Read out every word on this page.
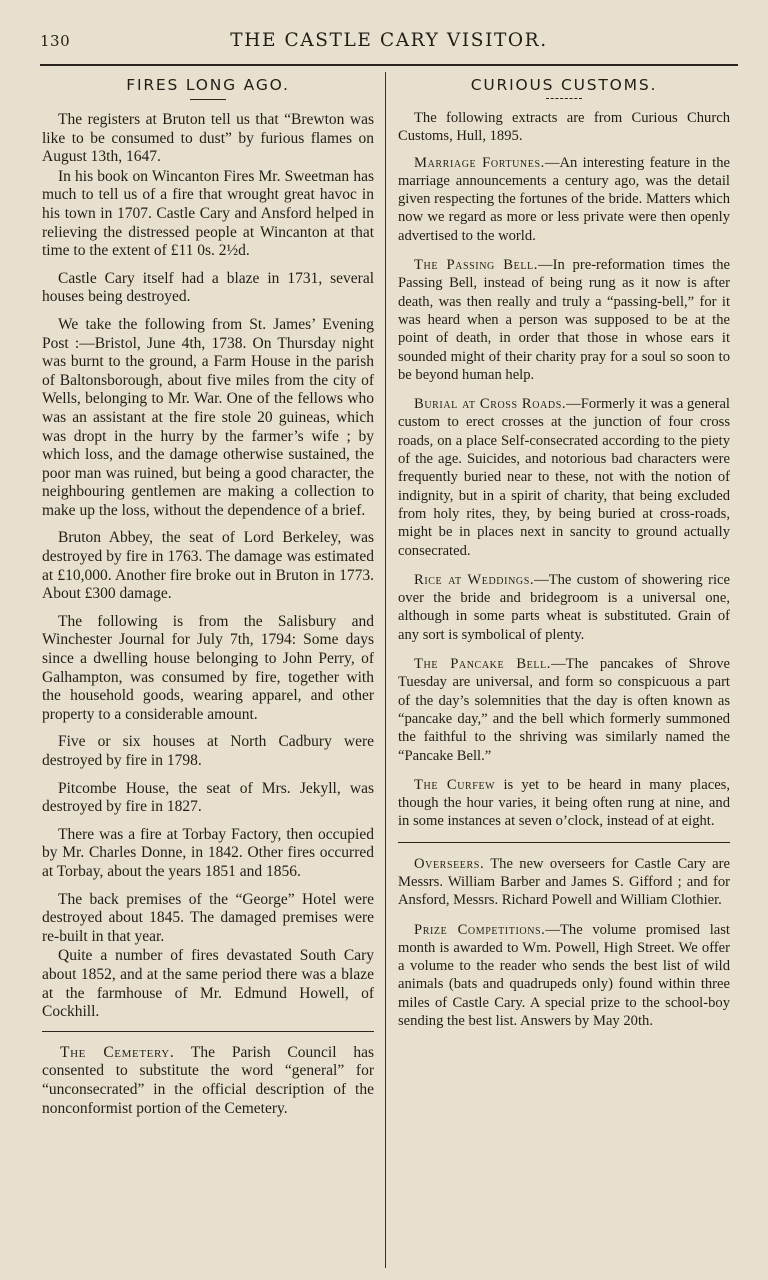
130	THE CASTLE CARY VISITOR.
FIRES LONG AGO.

The registers at Bruton tell us that “Brewton was like to be consumed to dust” by furious flames on August 13th, 1647.

In his book on Wincanton Fires Mr. Sweetman has much to tell us of a fire that wrought great havoc in his town in 1707. Castle Cary and Ansford helped in relieving the distressed people at Wincanton at that time to the extent of £11 0s. 2½d.

Castle Cary itself had a blaze in 1731, several houses being destroyed.

We take the following from St. James’ Evening Post :—Bristol, June 4th, 1738. On Thursday night was burnt to the ground, a Farm House in the parish of Baltonsborough, about five miles from the city of Wells, belonging to Mr. War. One of the fellows who was an assistant at the fire stole 20 guineas, which was dropt in the hurry by the farmer’s wife ; by which loss, and the damage otherwise sustained, the poor man was ruined, but being a good character, the neighbouring gentlemen are making a collection to make up the loss, without the dependence of a brief.

Bruton Abbey, the seat of Lord Berkeley, was destroyed by fire in 1763. The damage was estimated at £10,000. Another fire broke out in Bruton in 1773. About £300 damage.

The following is from the Salisbury and Winchester Journal for July 7th, 1794: Some days since a dwelling house belonging to John Perry, of Galhampton, was consumed by fire, together with the household goods, wearing apparel, and other property to a considerable amount.

Five or six houses at North Cadbury were destroyed by fire in 1798.

Pitcombe House, the seat of Mrs. Jekyll, was destroyed by fire in 1827.

There was a fire at Torbay Factory, then occupied by Mr. Charles Donne, in 1842. Other fires occurred at Torbay, about the years 1851 and 1856.

The back premises of the “George” Hotel were destroyed about 1845. The damaged premises were re-built in that year.

Quite a number of fires devastated South Cary about 1852, and at the same period there was a blaze at the farmhouse of Mr. Edmund Howell, of Cockhill.

The Cemetery. The Parish Council has consented to substitute the word “general” for “unconsecrated” in the official description of the nonconformist portion of the Cemetery.

CURIOUS CUSTOMS.

The following extracts are from Curious Church Customs, Hull, 1895.

Marriage Fortunes.—An interesting feature in the marriage announcements a century ago, was the detail given respecting the fortunes of the bride. Matters which now we regard as more or less private were then openly advertised to the world.

The Passing Bell.—In pre-reformation times the Passing Bell, instead of being rung as it now is after death, was then really and truly a “passing-bell,” for it was heard when a person was supposed to be at the point of death, in order that those in whose ears it sounded might of their charity pray for a soul so soon to be beyond human help.

Burial at Cross Roads.—Formerly it was a general custom to erect crosses at the junction of four cross roads, on a place Self-consecrated according to the piety of the age. Suicides, and notorious bad characters were frequently buried near to these, not with the notion of indignity, but in a spirit of charity, that being excluded from holy rites, they, by being buried at cross-roads, might be in places next in sancity to ground actually consecrated.

Rice at Weddings.—The custom of showering rice over the bride and bridegroom is a universal one, although in some parts wheat is substituted. Grain of any sort is symbolical of plenty.

The Pancake Bell.—The pancakes of Shrove Tuesday are universal, and form so conspicuous a part of the day’s solemnities that the day is often known as “pancake day,” and the bell which formerly summoned the faithful to the shriving was similarly named the “Pancake Bell.”

The Curfew is yet to be heard in many places, though the hour varies, it being often rung at nine, and in some instances at seven o’clock, instead of at eight.

Overseers. The new overseers for Castle Cary are Messrs. William Barber and James S. Gifford ; and for Ansford, Messrs. Richard Powell and William Clothier.

Prize Competitions.—The volume promised last month is awarded to Wm. Powell, High Street. We offer a volume to the reader who sends the best list of wild animals (bats and quadrupeds only) found within three miles of Castle Cary. A special prize to the school-boy sending the best list. Answers by May 20th.
